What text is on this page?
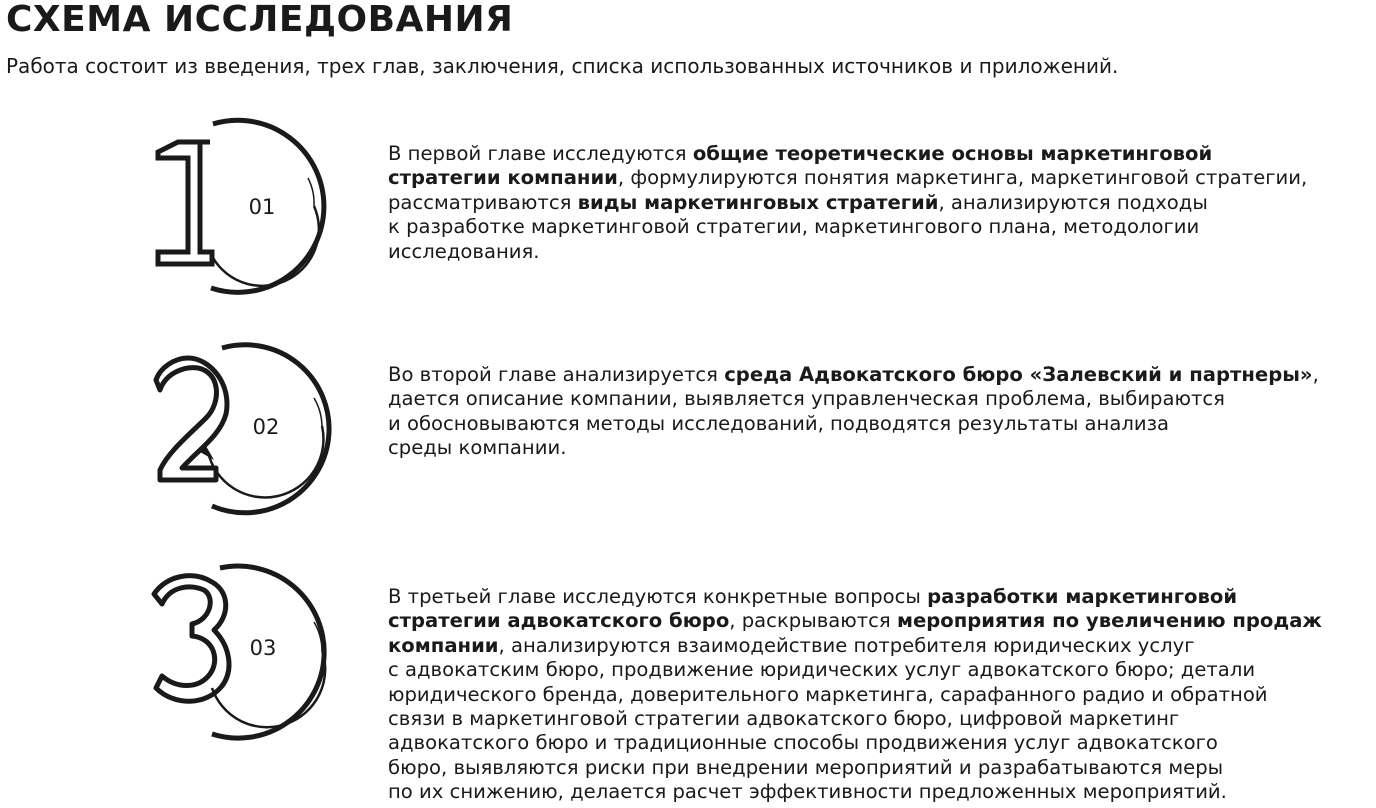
СХЕМА ИССЛЕДОВАНИЯ

Работа состоит из введения, трех глав, заключения, списка использованных источников и приложений.

01
02
03
В первой главе исследуются общие теоретические основы маркетинговой
стратегии компании, формулируются понятия маркетинга, маркетинговой стратегии,
рассматриваются виды маркетинговых стратегий, анализируются подходы
к разработке маркетинговой стратегии, маркетингового плана, методологии
исследования.
Во второй главе анализируется среда Адвокатского бюро «Залевский и партнеры»,
дается описание компании, выявляется управленческая проблема, выбираются
и обосновываются методы исследований, подводятся результаты анализа
среды компании.
В третьей главе исследуются конкретные вопросы разработки маркетинговой
стратегии адвокатского бюро, раскрываются мероприятия по увеличению продаж
компании, анализируются взаимодействие потребителя юридических услуг
с адвокатским бюро, продвижение юридических услуг адвокатского бюро; детали
юридического бренда, доверительного маркетинга, сарафанного радио и обратной
связи в маркетинговой стратегии адвокатского бюро, цифровой маркетинг
адвокатского бюро и традиционные способы продвижения услуг адвокатского
бюро, выявляются риски при внедрении мероприятий и разрабатываются меры
по их снижению, делается расчет эффективности предложенных мероприятий.
